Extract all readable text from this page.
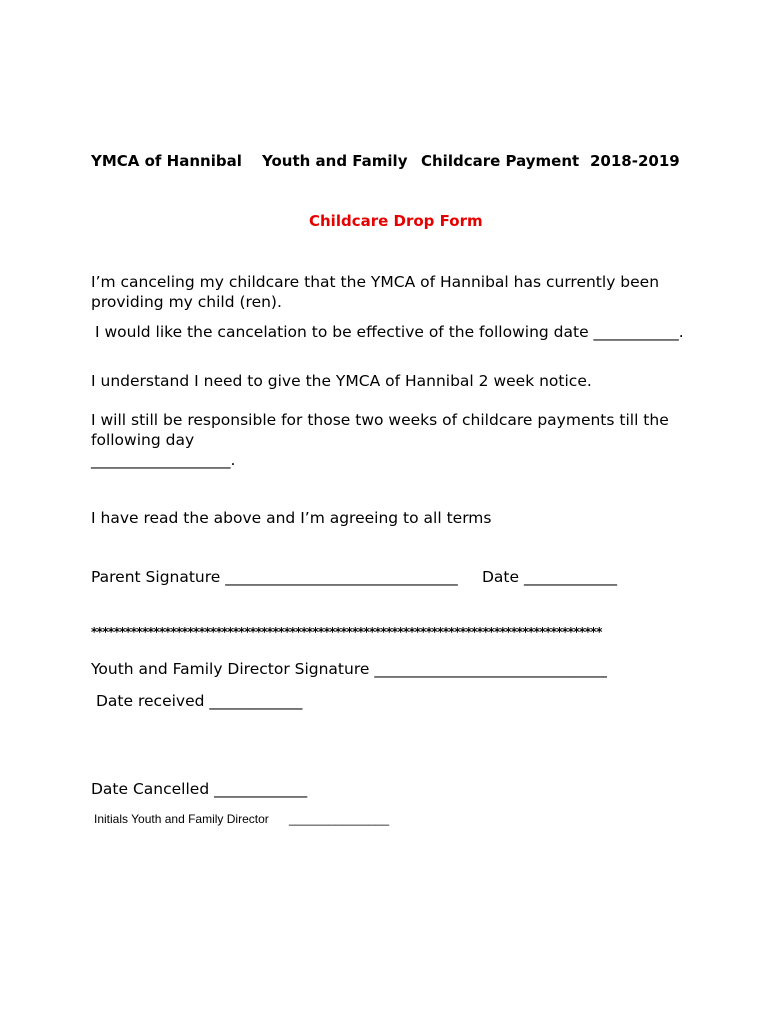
YMCA of Hannibal Youth and Family Childcare Payment 2018-2019
Childcare Drop Form
I’m canceling my childcare that the YMCA of Hannibal has currently been
providing my child (ren).
I would like the cancelation to be effective of the following date ___________.
I understand I need to give the YMCA of Hannibal 2 week notice.
I will still be responsible for those two weeks of childcare payments till the
following day
__________________.
I have read the above and I’m agreeing to all terms
Parent Signature ______________________________ Date ____________
******************************************************************************************
Youth and Family Director Signature ______________________________
Date received ____________
Date Cancelled ____________
Initials Youth and Family Director _______________
